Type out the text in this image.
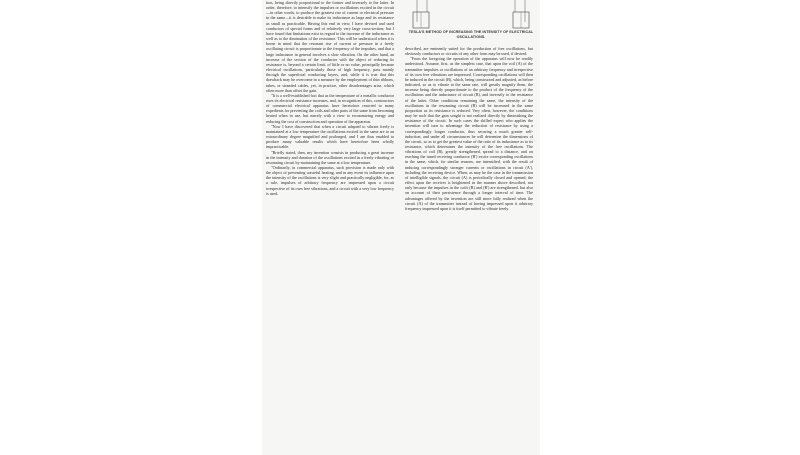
tion, being directly proportional to the former and inversely to the latter. In order, therefore, to intensify the impulses or oscillations excited in the circuit—in other words, to produce the greatest rise of current or electrical pressure in the same—it is desirable to make its inductance as large and its resistance as small as practicable. Having this end in view, I have devised and used conductors of special forms and of relatively very large cross-section; but I have found that limitations exist in regard to the increase of the inductance as well as to the diminution of the resistance. This will be understood when it is borne in mind that the resonant rise of current or pressure in a freely oscillating circuit is proportionate to the frequency of the impulses, and that a large inductance in general involves a slow vibration. On the other hand, an increase of the section of the conductor with the object of reducing its resistance is, beyond a certain limit, of little or no value, principally because electrical oscillations, particularly those of high frequency, pass mainly through the superficial conducting layers, and, while it is true that this drawback may be overcome in a measure by the employment of thin ribbons, tubes, or stranded cables, yet, in practice, other disadvantages arise, which often more than offset the gain.

"It is a well-established fact that as the temperature of a metallic conductor rises its electrical resistance increases, and, in recognition of this, constructors of commercial electrical apparatus have heretofore resorted to many expedients for preventing the coils and other parts of the same from becoming heated when in use, but merely with a view to economizing energy and reducing the cost of construction and operation of the apparatus.

"Now I have discovered that when a circuit adapted to vibrate freely is maintained at a low temperature the oscillations excited in the same are to an extraordinary degree magnified and prolonged, and I am thus enabled to produce many valuable results which have heretofore been wholly impracticable.

"Briefly stated, then, my invention consists in producing a great increase in the intensity and duration of the oscillations excited in a freely vibrating or resonating circuit by maintaining the same at a low temperature.

"Ordinarily, in commercial apparatus, such provision is made only with the object of preventing wasteful heating, and in any event its influence upon the intensity of the oscillations is very slight and practically negligible, for, as a rule, impulses of arbitrary frequency are impressed upon a circuit irrespective of its own free vibrations, and a circuit with a very low frequency is used.

TESLA'S METHOD OF INCREASING THE INTENSITY OF ELECTRICAL OSCILLATIONS.

described, are eminently suited for the production of free oscillations, but obviously conductors or circuits of any other form may be used, if desired.

"From the foregoing the operation of the apparatus will now be readily understood. Assume, first, as the simplest case, that upon the coil (A) of the transmitter impulses or oscillations of an arbitrary frequency and irrespective of its own free vibrations are impressed. Corresponding oscillations will then be induced in the circuit (B), which, being constructed and adjusted, as before indicated, so as to vibrate at the same rate, will greatly magnify them, the increase being directly proportionate to the product of the frequency of the oscillations and the inductance of circuit (B), and inversely to the resistance of the latter. Other conditions remaining the same, the intensity of the oscillations in the resonating circuit (B) will be increased in the same proportion as its resistance is reduced. Very often, however, the conditions may be such that the gain sought is not realized directly by diminishing the resistance of the circuit. In such cases the skilled expert who applies the invention will turn to advantage the reduction of resistance by using a correspondingly longer conductor, thus securing a much greater self-induction, and under all circumstances he will determine the dimensions of the circuit, so as to get the greatest value of the ratio of its inductance as to its resistance, which determines the intensity of the free oscillations. The vibrations of coil (B), greatly strengthened, spread to a distance, and on reaching the tuned receiving conductor (B') excite corresponding oscillations in the same, which, for similar reasons, are intensified, with the result of inducing correspondingly stronger currents or oscillations in circuit (A'), including the receiving device. When, as may be the case in the transmission of intelligible signals, the circuit (A) is periodically closed and opened, the effect upon the receiver is heightened in the manner above described, not only because the impulses in the coils (B) and (B') are strengthened, but also on account of their persistence through a longer interval of time. The advantages offered by the invention are still more fully realized when the circuit (A) of the transmitter instead of having impressed upon it arbitrary frequency impressed upon it is itself permitted to vibrate freely.
